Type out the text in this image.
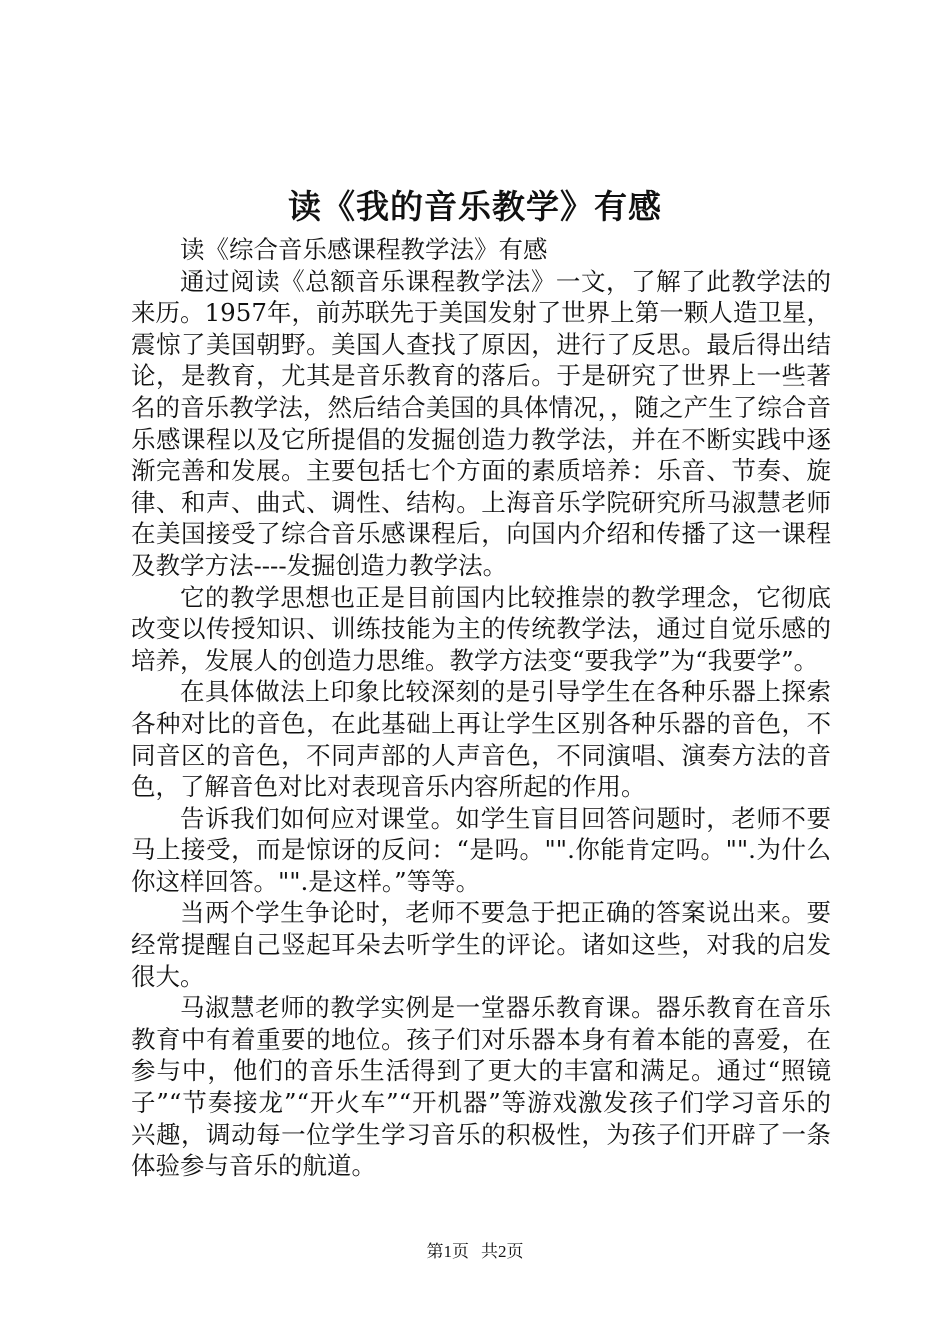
读《我的音乐教学》有感

读《综合音乐感课程教学法》有感

通过阅读《总额音乐课程教学法》一文，了解了此教学法的来历。1957年，前苏联先于美国发射了世界上第一颗人造卫星，震惊了美国朝野。美国人查找了原因，进行了反思。最后得出结论，是教育，尤其是音乐教育的落后。于是研究了世界上一些著名的音乐教学法，然后结合美国的具体情况，，随之产生了综合音乐感课程以及它所提倡的发掘创造力教学法，并在不断实践中逐渐完善和发展。主要包括七个方面的素质培养：乐音、节奏、旋律、和声、曲式、调性、结构。上海音乐学院研究所马淑慧老师在美国接受了综合音乐感课程后，向国内介绍和传播了这一课程及教学方法----发掘创造力教学法。

它的教学思想也正是目前国内比较推崇的教学理念，它彻底改变以传授知识、训练技能为主的传统教学法，通过自觉乐感的培养，发展人的创造力思维。教学方法变“要我学”为“我要学”。

在具体做法上印象比较深刻的是引导学生在各种乐器上探索各种对比的音色，在此基础上再让学生区别各种乐器的音色，不同音区的音色，不同声部的人声音色，不同演唱、演奏方法的音色，了解音色对比对表现音乐内容所起的作用。

告诉我们如何应对课堂。如学生盲目回答问题时，老师不要马上接受，而是惊讶的反问：“是吗。"".你能肯定吗。"".为什么你这样回答。"".是这样。”等等。

当两个学生争论时，老师不要急于把正确的答案说出来。要经常提醒自己竖起耳朵去听学生的评论。诸如这些，对我的启发很大。

马淑慧老师的教学实例是一堂器乐教育课。器乐教育在音乐教育中有着重要的地位。孩子们对乐器本身有着本能的喜爱，在参与中，他们的音乐生活得到了更大的丰富和满足。通过“照镜子”“节奏接龙”“开火车”“开机器”等游戏激发孩子们学习音乐的兴趣，调动每一位学生学习音乐的积极性，为孩子们开辟了一条体验参与音乐的航道。

第1页 共2页
